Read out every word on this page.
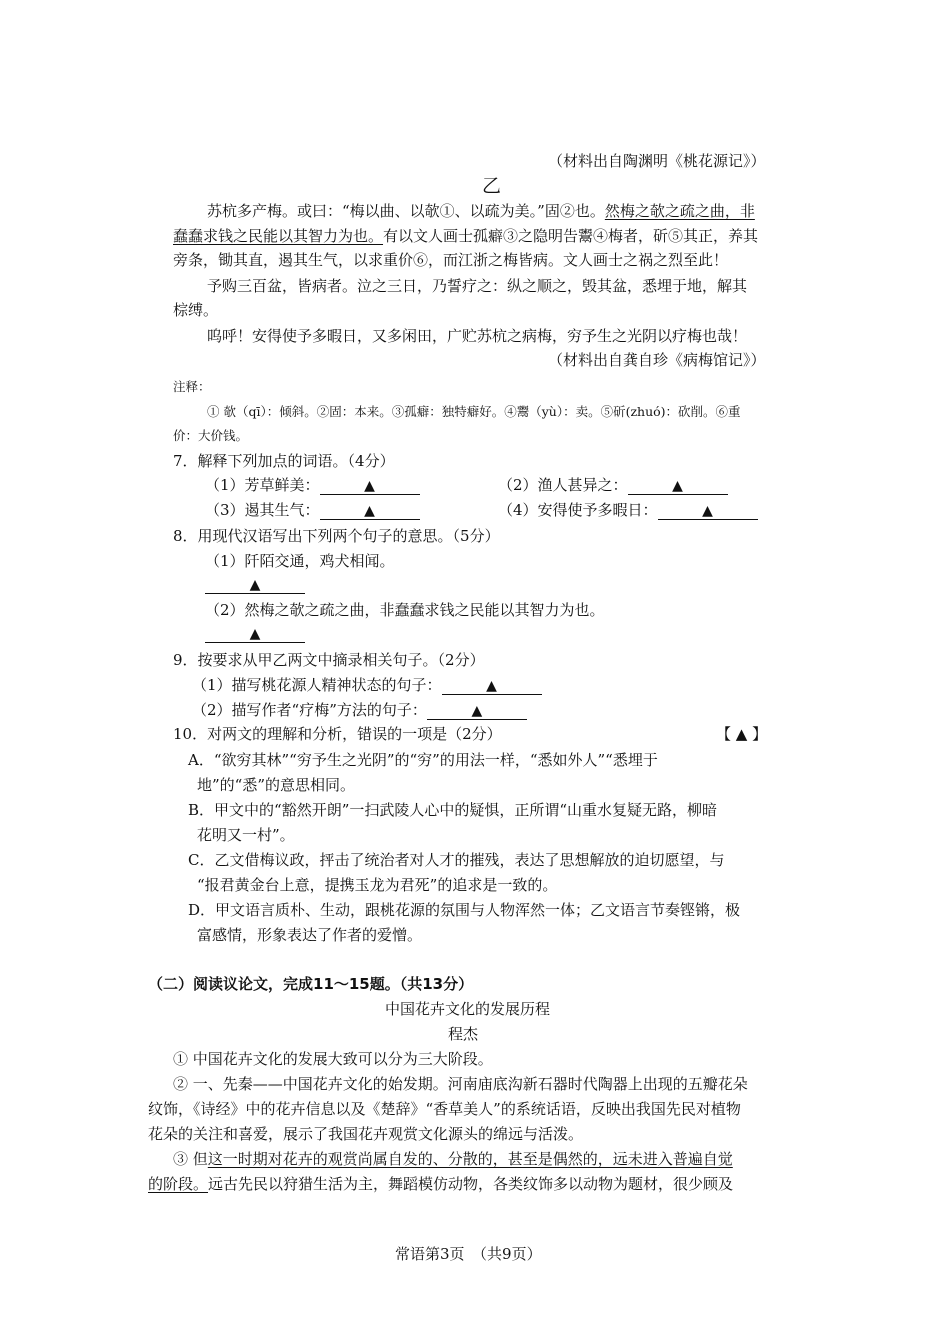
（材料出自陶渊明《桃花源记》）
乙
苏杭多产梅。或曰：“梅以曲、以欹①、以疏为美。”固②也。然梅之欹之疏之曲，非
蠢蠢求钱之民能以其智力为也。有以文人画士孤癖③之隐明告鬻④梅者，斫⑤其正，养其
旁条，锄其直，遏其生气，以求重价⑥，而江浙之梅皆病。文人画士之祸之烈至此！
予购三百盆，皆病者。泣之三日，乃誓疗之：纵之顺之，毁其盆，悉埋于地，解其
棕缚。
呜呼！安得使予多暇日，又多闲田，广贮苏杭之病梅，穷予生之光阴以疗梅也哉！
（材料出自龚自珍《病梅馆记》）
注释：
① 欹（qī）：倾斜。②固：本来。③孤癖：独特癖好。④鬻（yù）：卖。⑤斫(zhuó)：砍削。⑥重
价：大价钱。
7．解释下列加点的词语。（4分）
（1）芳草鲜美：	▲	（2）渔人甚异之：	▲
（3）遏其生气：	▲	（4）安得使予多暇日：	▲
8．用现代汉语写出下列两个句子的意思。（5分）
（1）阡陌交通，鸡犬相闻。
▲
（2）然梅之欹之疏之曲，非蠢蠢求钱之民能以其智力为也。
▲
9．按要求从甲乙两文中摘录相关句子。（2分）
（1）描写桃花源人精神状态的句子：	▲
（2）描写作者“疗梅”方法的句子：	▲
10．对两文的理解和分析，错误的一项是（2分）	【 ▲ 】
A．“欲穷其林”“穷予生之光阴”的“穷”的用法一样，“悉如外人”“悉埋于
地”的“悉”的意思相同。
B．甲文中的“豁然开朗”一扫武陵人心中的疑惧，正所谓“山重水复疑无路，柳暗
花明又一村”。
C．乙文借梅议政，抨击了统治者对人才的摧残，表达了思想解放的迫切愿望，与
“报君黄金台上意，提携玉龙为君死”的追求是一致的。
D．甲文语言质朴、生动，跟桃花源的氛围与人物浑然一体；乙文语言节奏铿锵，极
富感情，形象表达了作者的爱憎。
（二）阅读议论文，完成11～15题。（共13分）
中国花卉文化的发展历程
程杰
① 中国花卉文化的发展大致可以分为三大阶段。
② 一、先秦——中国花卉文化的始发期。河南庙底沟新石器时代陶器上出现的五瓣花朵
纹饰，《诗经》中的花卉信息以及《楚辞》“香草美人”的系统话语，反映出我国先民对植物
花朵的关注和喜爱，展示了我国花卉观赏文化源头的绵远与活泼。
③ 但这一时期对花卉的观赏尚属自发的、分散的，甚至是偶然的，远未进入普遍自觉
的阶段。远古先民以狩猎生活为主，舞蹈模仿动物，各类纹饰多以动物为题材，很少顾及
常语第3页　（共9页）
